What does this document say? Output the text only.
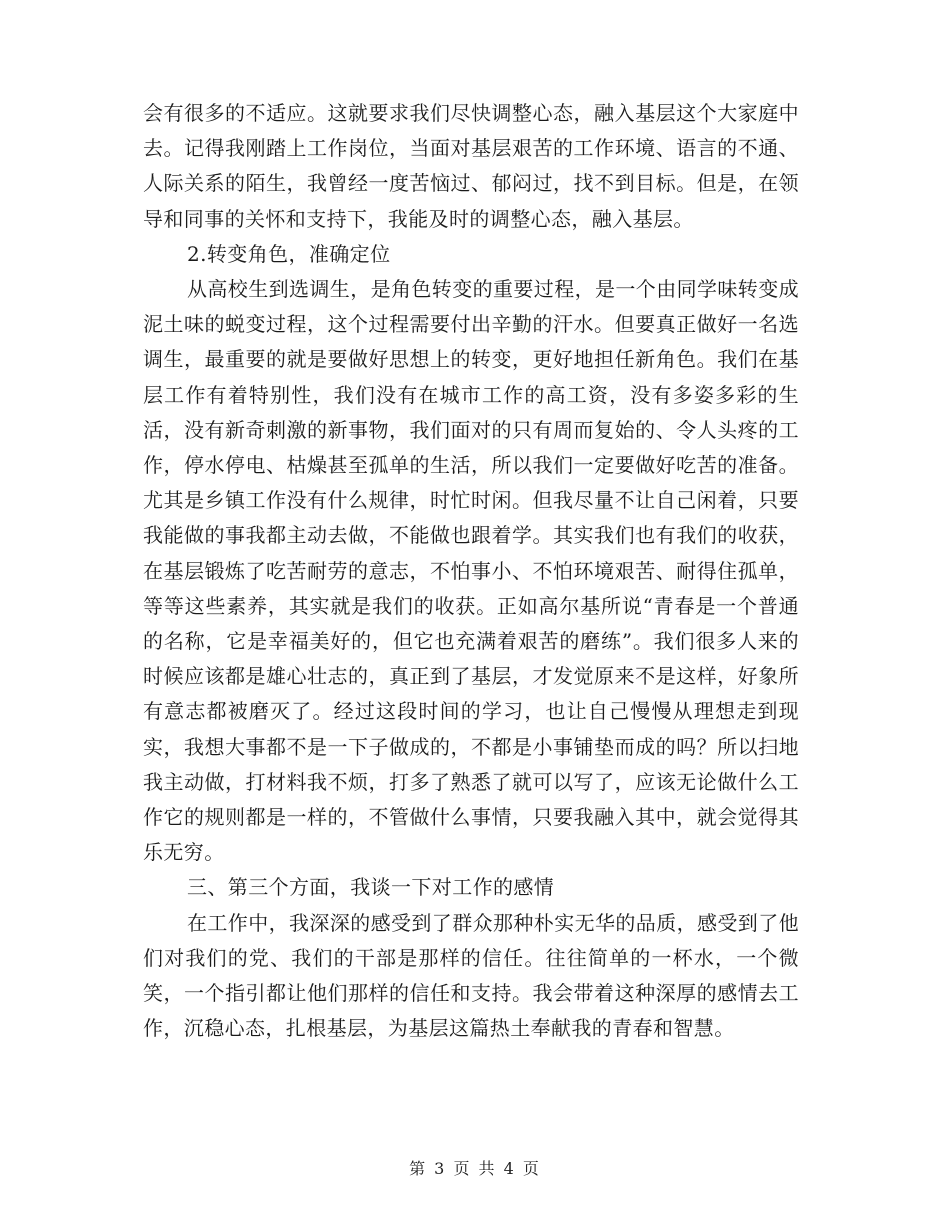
会有很多的不适应。这就要求我们尽快调整心态，融入基层这个大家庭中去。记得我刚踏上工作岗位，当面对基层艰苦的工作环境、语言的不通、人际关系的陌生，我曾经一度苦恼过、郁闷过，找不到目标。但是，在领导和同事的关怀和支持下，我能及时的调整心态，融入基层。

2.转变角色，准确定位

从高校生到选调生，是角色转变的重要过程，是一个由同学味转变成泥土味的蜕变过程，这个过程需要付出辛勤的汗水。但要真正做好一名选调生，最重要的就是要做好思想上的转变，更好地担任新角色。我们在基层工作有着特别性，我们没有在城市工作的高工资，没有多姿多彩的生活，没有新奇刺激的新事物，我们面对的只有周而复始的、令人头疼的工作，停水停电、枯燥甚至孤单的生活，所以我们一定要做好吃苦的准备。尤其是乡镇工作没有什么规律，时忙时闲。但我尽量不让自己闲着，只要我能做的事我都主动去做，不能做也跟着学。其实我们也有我们的收获，在基层锻炼了吃苦耐劳的意志，不怕事小、不怕环境艰苦、耐得住孤单，等等这些素养，其实就是我们的收获。正如高尔基所说“青春是一个普通的名称，它是幸福美好的，但它也充满着艰苦的磨练”。我们很多人来的时候应该都是雄心壮志的，真正到了基层，才发觉原来不是这样，好象所有意志都被磨灭了。经过这段时间的学习，也让自己慢慢从理想走到现实，我想大事都不是一下子做成的，不都是小事铺垫而成的吗？所以扫地我主动做，打材料我不烦，打多了熟悉了就可以写了，应该无论做什么工作它的规则都是一样的，不管做什么事情，只要我融入其中，就会觉得其乐无穷。

三、第三个方面，我谈一下对工作的感情

在工作中，我深深的感受到了群众那种朴实无华的品质，感受到了他们对我们的党、我们的干部是那样的信任。往往简单的一杯水，一个微笑，一个指引都让他们那样的信任和支持。我会带着这种深厚的感情去工作，沉稳心态，扎根基层，为基层这篇热土奉献我的青春和智慧。

第 3 页 共 4 页
